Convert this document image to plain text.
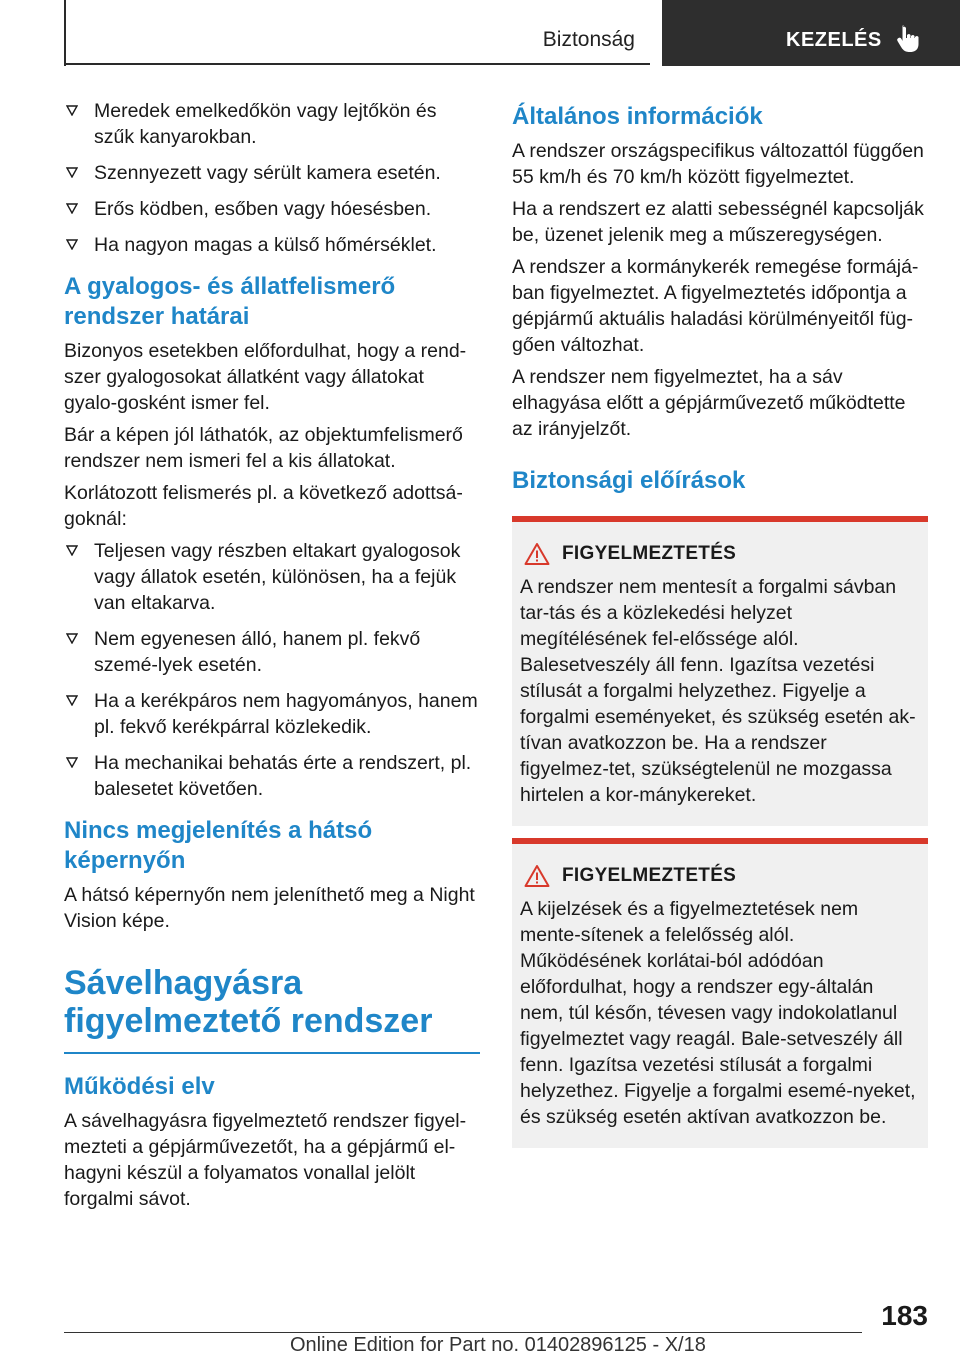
Biztonság	KEZELÉS
Meredek emelkedőkön vagy lejtőkön és szűk kanyarokban.
Szennyezett vagy sérült kamera esetén.
Erős ködben, esőben vagy hóesésben.
Ha nagyon magas a külső hőmérséklet.
A gyalogos- és állatfelismerő rendszer határai

Bizonyos esetekben előfordulhat, hogy a rend-szer gyalogosokat állatként vagy állatokat gyalo-gosként ismer fel.

Bár a képen jól láthatók, az objektumfelismerő rendszer nem ismeri fel a kis állatokat.

Korlátozott felismerés pl. a következő adottsá-goknál:

Teljesen vagy részben eltakart gyalogosok vagy állatok esetén, különösen, ha a fejük van eltakarva.
Nem egyenesen álló, hanem pl. fekvő szemé-lyek esetén.
Ha a kerékpáros nem hagyományos, hanem pl. fekvő kerékpárral közlekedik.
Ha mechanikai behatás érte a rendszert, pl. balesetet követően.
Nincs megjelenítés a hátsó képernyőn

A hátsó képernyőn nem jeleníthető meg a Night Vision képe.

Sávelhagyásra figyelmeztető rendszer
Működési elv

A sávelhagyásra figyelmeztető rendszer figyel-mezteti a gépjárművezetőt, ha a gépjármű el-hagyni készül a folyamatos vonallal jelölt forgalmi sávot.

Általános információk

A rendszer országspecifikus változattól függően 55 km/h és 70 km/h között figyelmeztet.

Ha a rendszert ez alatti sebességnél kapcsolják be, üzenet jelenik meg a műszeregységen.

A rendszer a kormánykerék remegése formájá-ban figyelmeztet. A figyelmeztetés időpontja a gépjármű aktuális haladási körülményeitől füg-gően változhat.

A rendszer nem figyelmeztet, ha a sáv elhagyása előtt a gépjárművezető működtette az irányjelzőt.

Biztonsági előírások
FIGYELMEZTETÉS

A rendszer nem mentesít a forgalmi sávban tar-tás és a közlekedési helyzet megítélésének fel-előssége alól. Balesetveszély áll fenn. Igazítsa vezetési stílusát a forgalmi helyzethez. Figyelje a forgalmi eseményeket, és szükség esetén ak-tívan avatkozzon be. Ha a rendszer figyelmez-tet, szükségtelenül ne mozgassa hirtelen a kor-mánykereket.

FIGYELMEZTETÉS

A kijelzések és a figyelmeztetések nem mente-sítenek a felelősség alól. Működésének korlátai-ból adódóan előfordulhat, hogy a rendszer egy-általán nem, túl későn, tévesen vagy indokolatlanul figyelmeztet vagy reagál. Bale-setveszély áll fenn. Igazítsa vezetési stílusát a forgalmi helyzethez. Figyelje a forgalmi esemé-nyeket, és szükség esetén aktívan avatkozzon be.

183
Online Edition for Part no. 01402896125 - X/18
